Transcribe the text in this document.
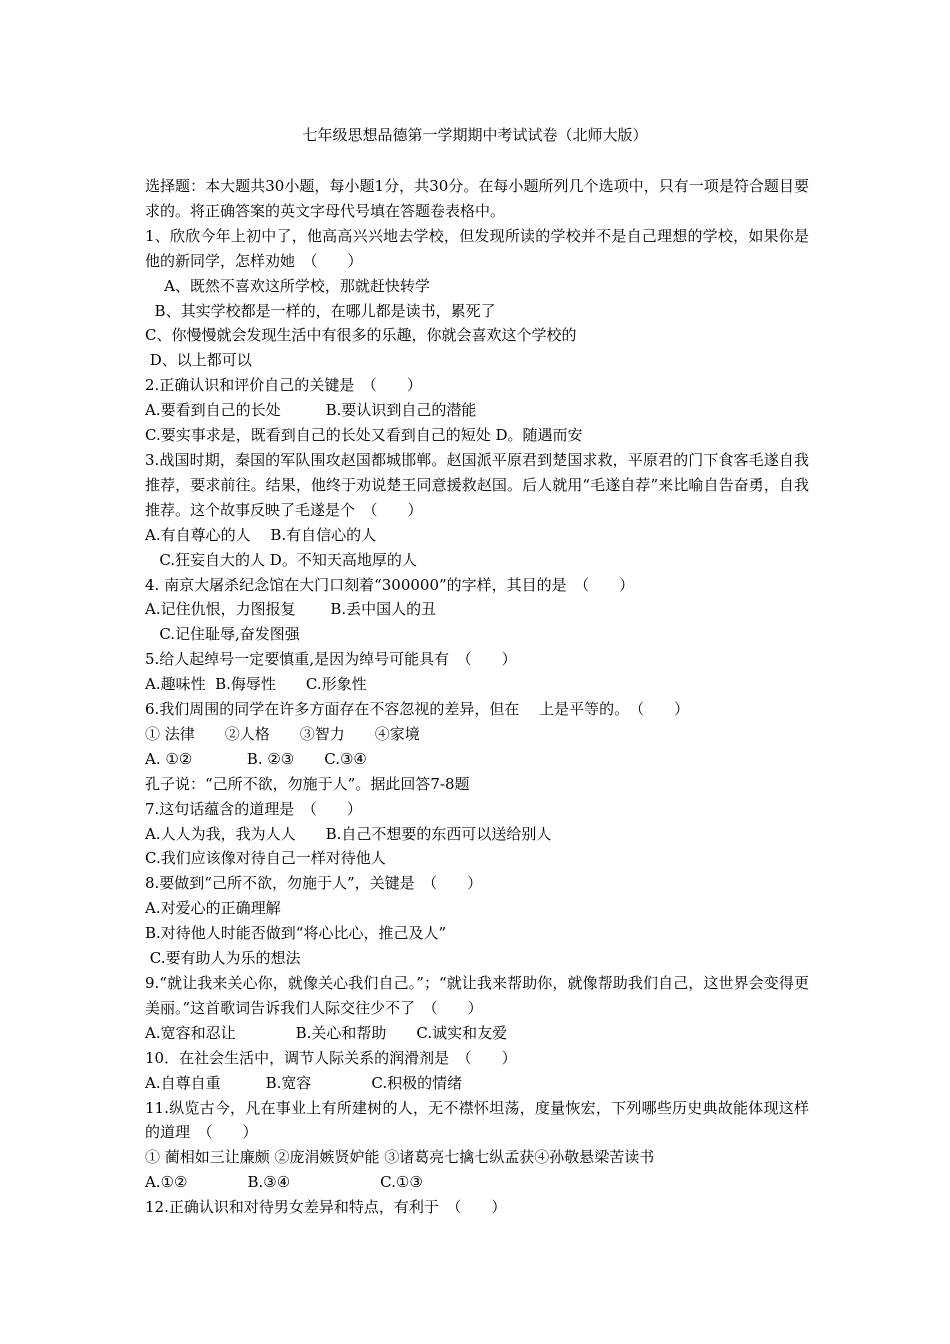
七年级思想品德第一学期期中考试试卷（北师大版）

选择题：本大题共30小题，每小题1分，共30分。在每小题所列几个选项中，只有一项是符合题目要求的。将正确答案的英文字母代号填在答题卷表格中。

1、欣欣今年上初中了，他高高兴兴地去学校，但发现所读的学校并不是自己理想的学校，如果你是他的新同学，怎样劝她　（　　）

A、既然不喜欢这所学校，那就赶快转学

B、其实学校都是一样的，在哪儿都是读书，累死了

C、你慢慢就会发现生活中有很多的乐趣，你就会喜欢这个学校的

D、以上都可以

2.正确认识和评价自己的关键是　（　　）

A.要看到自己的长处　　　B.要认识到自己的潜能

C.要实事求是，既看到自己的长处又看到自己的短处 D。随遇而安

3.战国时期，秦国的军队围攻赵国都城邯郸。赵国派平原君到楚国求救，平原君的门下食客毛遂自我推荐，要求前往。结果，他终于劝说楚王同意援救赵国。后人就用“毛遂自荐”来比喻自告奋勇，自我推荐。这个故事反映了毛遂是个　（　　）

A.有自尊心的人　 B.有自信心的人

C.狂妄自大的人 D。不知天高地厚的人

4. 南京大屠杀纪念馆在大门口刻着“300000”的字样，其目的是　（　　）

A.记住仇恨，力图报复　　 B.丢中国人的丑

C.记住耻辱,奋发图强

5.给人起绰号一定要慎重,是因为绰号可能具有　（　　）

A.趣味性  B.侮辱性　　C.形象性

6.我们周围的同学在许多方面存在不容忽视的差异，但在　 上是平等的。　（　　）

① 法律　　②人格　　③智力　　④家境

A. ①②　　　  B. ②③　　C.③④

孔子说：“己所不欲，勿施于人”。据此回答7-8题

7.这句话蕴含的道理是　（　　）

A.人人为我，我为人人　　B.自己不想要的东西可以送给别人

C.我们应该像对待自己一样对待他人

8.要做到“己所不欲，勿施于人”，关键是　（　　）

A.对爱心的正确理解

B.对待他人时能否做到“将心比心，推己及人”

C.要有助人为乐的想法

9.“就让我来关心你，就像关心我们自己。”；“就让我来帮助你，就像帮助我们自己，这世界会变得更美丽。”这首歌词告诉我们人际交往少不了　（　　）

A.宽容和忍让　　　　B.关心和帮助　　C.诚实和友爱

10．在社会生活中，调节人际关系的润滑剂是　（　　）

A.自尊自重　　　B.宽容　　　　C.积极的情绪

11.纵览古今，凡在事业上有所建树的人，无不襟怀坦荡，度量恢宏，下列哪些历史典故能体现这样的道理　（　　）

① 蔺相如三让廉颇 ②庞涓嫉贤妒能 ③诸葛亮七擒七纵孟获④孙敬悬梁苦读书

A.①②　　　　B.③④　　　　　　C.①③

12.正确认识和对待男女差异和特点，有利于　（　　）
